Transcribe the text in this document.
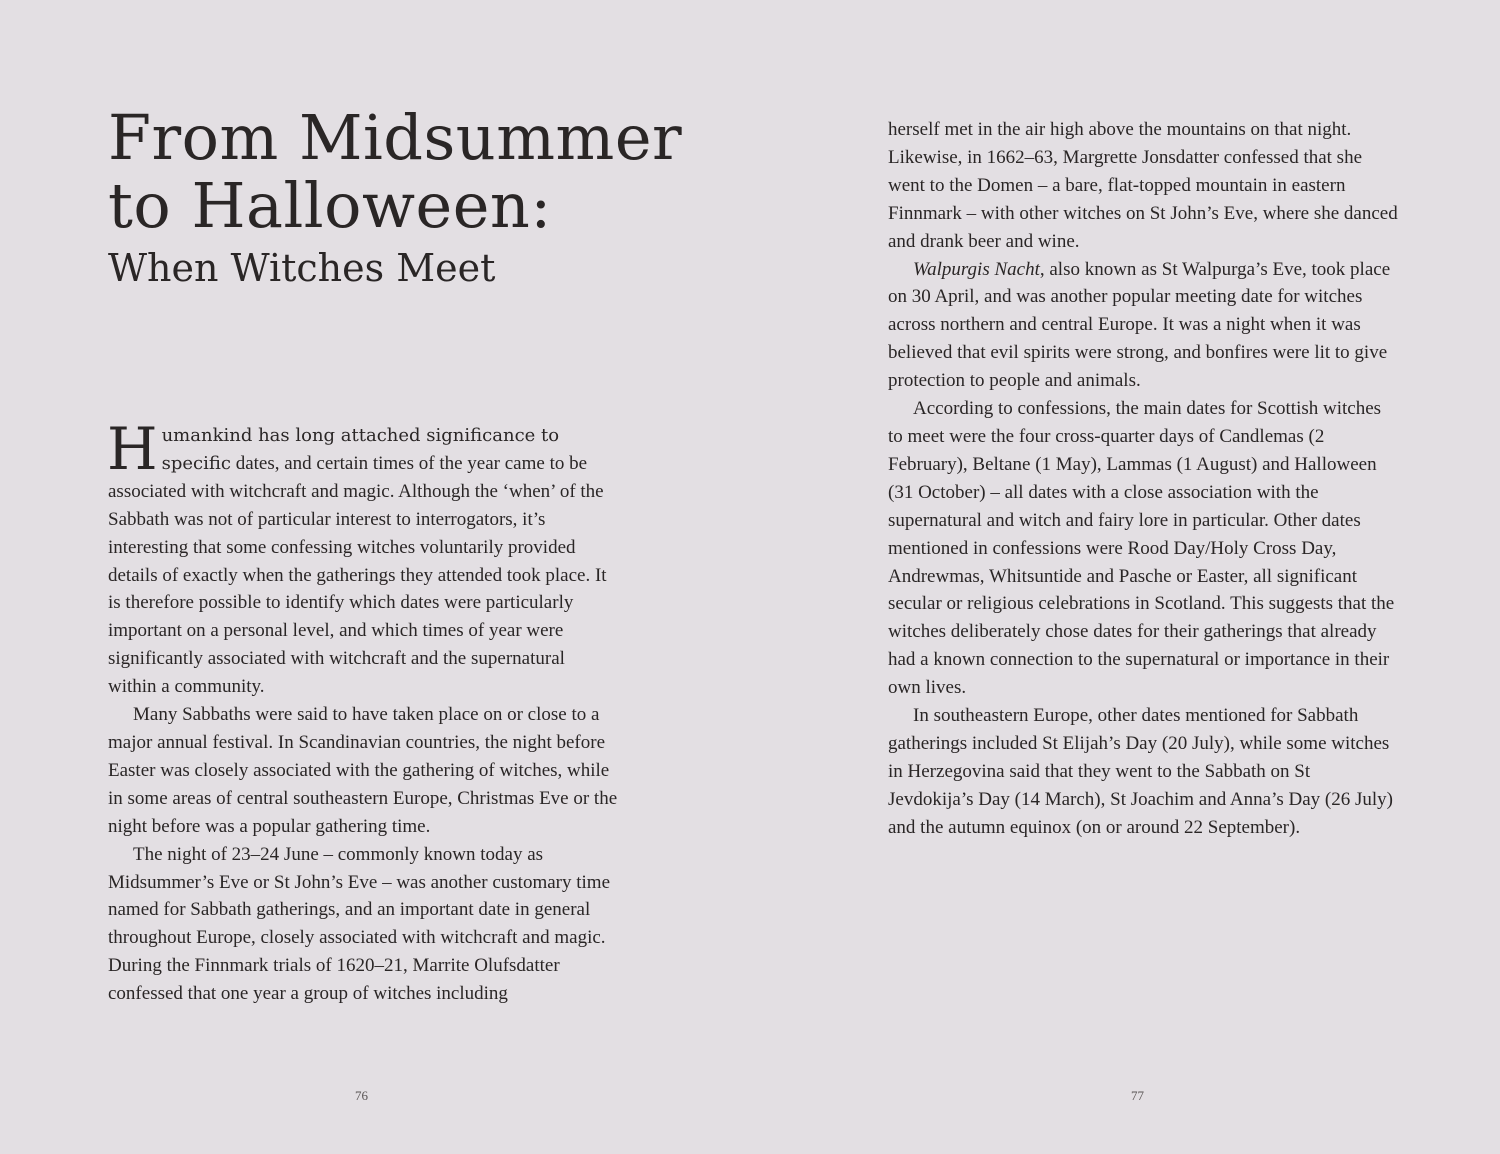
From Midsummer
to Halloween:
When Witches Meet

Humankind has long attached significance to specific dates, and certain times of the year came to be associated with witchcraft and magic. Although the ‘when’ of the Sabbath was not of particular interest to interrogators, it’s interesting that some confessing witches voluntarily provided details of exactly when the gatherings they attended took place. It is therefore possible to identify which dates were particularly important on a personal level, and which times of year were significantly associated with witchcraft and the supernatural within a community.

Many Sabbaths were said to have taken place on or close to a major annual festival. In Scandinavian countries, the night before Easter was closely associated with the gathering of witches, while in some areas of central southeastern Europe, Christmas Eve or the night before was a popular gathering time.

The night of 23–24 June – commonly known today as Midsummer’s Eve or St John’s Eve – was another customary time named for Sabbath gatherings, and an important date in general throughout Europe, closely associated with witchcraft and magic. During the Finnmark trials of 1620–21, Marrite Olufsdatter confessed that one year a group of witches including

76

herself met in the air high above the mountains on that night. Likewise, in 1662–63, Margrette Jonsdatter confessed that she went to the Domen – a bare, flat-topped mountain in eastern Finnmark – with other witches on St John’s Eve, where she danced and drank beer and wine.

Walpurgis Nacht, also known as St Walpurga’s Eve, took place on 30 April, and was another popular meeting date for witches across northern and central Europe. It was a night when it was believed that evil spirits were strong, and bonfires were lit to give protection to people and animals.

According to confessions, the main dates for Scottish witches to meet were the four cross-quarter days of Candlemas (2 February), Beltane (1 May), Lammas (1 August) and Halloween (31 October) – all dates with a close association with the supernatural and witch and fairy lore in particular. Other dates mentioned in confessions were Rood Day/Holy Cross Day, Andrewmas, Whitsuntide and Pasche or Easter, all significant secular or religious celebrations in Scotland. This suggests that the witches deliberately chose dates for their gatherings that already had a known connection to the supernatural or importance in their own lives.

In southeastern Europe, other dates mentioned for Sabbath gatherings included St Elijah’s Day (20 July), while some witches in Herzegovina said that they went to the Sabbath on St Jevdokija’s Day (14 March), St Joachim and Anna’s Day (26 July) and the autumn equinox (on or around 22 September).

77
